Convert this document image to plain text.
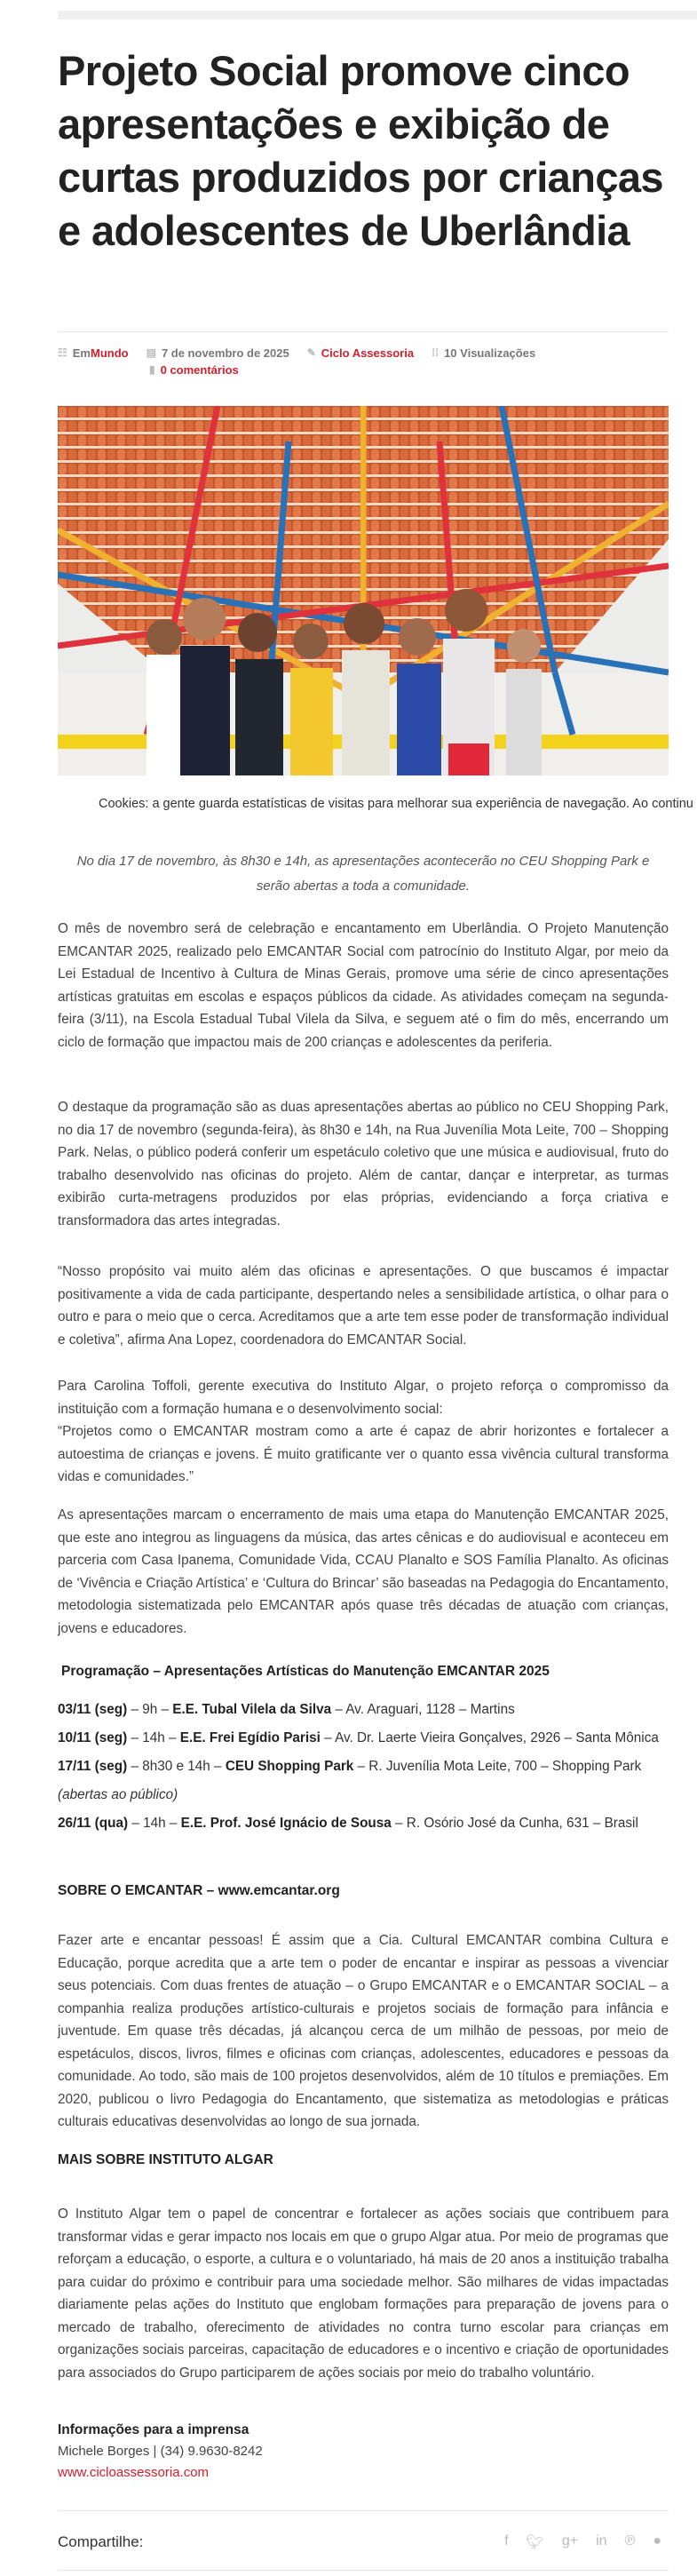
Projeto Social promove cinco apresentações e exibição de curtas produzidos por crianças e adolescentes de Uberlândia
☷ Em Mundo ▤ 7 de novembro de 2025 ✎ Ciclo Assessoria ⁞⁞ 10 Visualizações
▮ 0 comentários
Cookies: a gente guarda estatísticas de visitas para melhorar sua experiência de navegação. Ao continu
No dia 17 de novembro, às 8h30 e 14h, as apresentações acontecerão no CEU Shopping Park e serão abertas a toda a comunidade.

O mês de novembro será de celebração e encantamento em Uberlândia. O Projeto Manutenção EMCANTAR 2025, realizado pelo EMCANTAR Social com patrocínio do Instituto Algar, por meio da Lei Estadual de Incentivo à Cultura de Minas Gerais, promove uma série de cinco apresentações artísticas gratuitas em escolas e espaços públicos da cidade. As atividades começam na segunda-feira (3/11), na Escola Estadual Tubal Vilela da Silva, e seguem até o fim do mês, encerrando um ciclo de formação que impactou mais de 200 crianças e adolescentes da periferia.

O destaque da programação são as duas apresentações abertas ao público no CEU Shopping Park, no dia 17 de novembro (segunda-feira), às 8h30 e 14h, na Rua Juvenília Mota Leite, 700 – Shopping Park. Nelas, o público poderá conferir um espetáculo coletivo que une música e audiovisual, fruto do trabalho desenvolvido nas oficinas do projeto. Além de cantar, dançar e interpretar, as turmas exibirão curta-metragens produzidos por elas próprias, evidenciando a força criativa e transformadora das artes integradas.

“Nosso propósito vai muito além das oficinas e apresentações. O que buscamos é impactar positivamente a vida de cada participante, despertando neles a sensibilidade artística, o olhar para o outro e para o meio que o cerca. Acreditamos que a arte tem esse poder de transformação individual e coletiva”, afirma Ana Lopez, coordenadora do EMCANTAR Social.

Para Carolina Toffoli, gerente executiva do Instituto Algar, o projeto reforça o compromisso da instituição com a formação humana e o desenvolvimento social:

“Projetos como o EMCANTAR mostram como a arte é capaz de abrir horizontes e fortalecer a autoestima de crianças e jovens. É muito gratificante ver o quanto essa vivência cultural transforma vidas e comunidades.”

As apresentações marcam o encerramento de mais uma etapa do Manutenção EMCANTAR 2025, que este ano integrou as linguagens da música, das artes cênicas e do audiovisual e aconteceu em parceria com Casa Ipanema, Comunidade Vida, CCAU Planalto e SOS Família Planalto. As oficinas de ‘Vivência e Criação Artística’ e ‘Cultura do Brincar’ são baseadas na Pedagogia do Encantamento, metodologia sistematizada pelo EMCANTAR após quase três décadas de atuação com crianças, jovens e educadores.

Programação – Apresentações Artísticas do Manutenção EMCANTAR 2025
03/11 (seg) – 9h – E.E. Tubal Vilela da Silva – Av. Araguari, 1128 – Martins
10/11 (seg) – 14h – E.E. Frei Egídio Parisi – Av. Dr. Laerte Vieira Gonçalves, 2926 – Santa Mônica
17/11 (seg) – 8h30 e 14h – CEU Shopping Park – R. Juvenília Mota Leite, 700 – Shopping Park
(abertas ao público)
26/11 (qua) – 14h – E.E. Prof. José Ignácio de Sousa – R. Osório José da Cunha, 631 – Brasil
SOBRE O EMCANTAR – www.emcantar.org

Fazer arte e encantar pessoas! É assim que a Cia. Cultural EMCANTAR combina Cultura e Educação, porque acredita que a arte tem o poder de encantar e inspirar as pessoas a vivenciar seus potenciais. Com duas frentes de atuação – o Grupo EMCANTAR e o EMCANTAR SOCIAL – a companhia realiza produções artístico-culturais e projetos sociais de formação para infância e juventude. Em quase três décadas, já alcançou cerca de um milhão de pessoas, por meio de espetáculos, discos, livros, filmes e oficinas com crianças, adolescentes, educadores e pessoas da comunidade. Ao todo, são mais de 100 projetos desenvolvidos, além de 10 títulos e premiações. Em 2020, publicou o livro Pedagogia do Encantamento, que sistematiza as metodologias e práticas culturais educativas desenvolvidas ao longo de sua jornada.

MAIS SOBRE INSTITUTO ALGAR

O Instituto Algar tem o papel de concentrar e fortalecer as ações sociais que contribuem para transformar vidas e gerar impacto nos locais em que o grupo Algar atua. Por meio de programas que reforçam a educação, o esporte, a cultura e o voluntariado, há mais de 20 anos a instituição trabalha para cuidar do próximo e contribuir para uma sociedade melhor. São milhares de vidas impactadas diariamente pelas ações do Instituto que englobam formações para preparação de jovens para o mercado de trabalho, oferecimento de atividades no contra turno escolar para crianças em organizações sociais parceiras, capacitação de educadores e o incentivo e criação de oportunidades para associados do Grupo participarem de ações sociais por meio do trabalho voluntário.

Informações para a imprensa
Michele Borges | (34) 9.9630-8242
www.cicloassessoria.com
Compartilhe:	f 🐦︎ g+ in ℗ ●
